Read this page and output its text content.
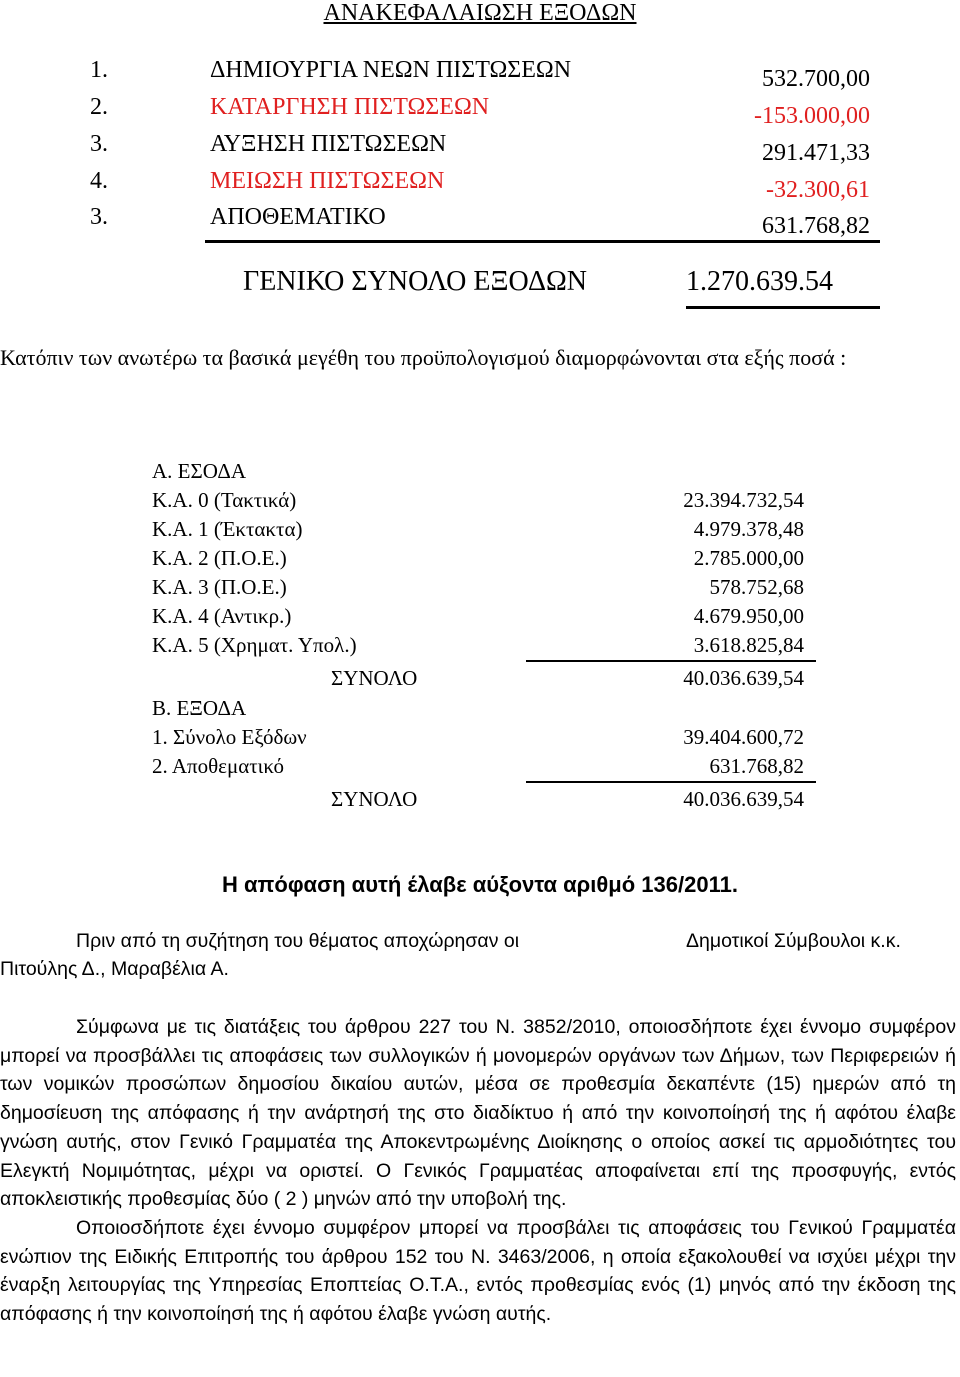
ΑΝΑΚΕΦΑΛΑΙΩΣΗ ΕΞΟΔΩΝ
1.	ΔΗΜΙΟΥΡΓΙΑ ΝΕΩΝ ΠΙΣΤΩΣΕΩΝ	532.700,00
2.	ΚΑΤΑΡΓΗΣΗ ΠΙΣΤΩΣΕΩΝ	-153.000,00
3.	ΑΥΞΗΣΗ ΠΙΣΤΩΣΕΩΝ	291.471,33
4.	ΜΕΙΩΣΗ ΠΙΣΤΩΣΕΩΝ	-32.300,61
3.	ΑΠΟΘΕΜΑΤΙΚΟ	631.768,82
ΓΕΝΙΚΟ ΣΥΝΟΛΟ ΕΞΟΔΩΝ	1.270.639.54
Κατόπιν των ανωτέρω τα βασικά μεγέθη του προϋπολογισμού διαμορφώνονται στα εξής ποσά :
Α. ΕΣΟΔΑ
Κ.Α. 0 (Τακτικά)	23.394.732,54
Κ.Α. 1 (Έκτακτα)	4.979.378,48
Κ.Α. 2 (Π.Ο.Ε.)	2.785.000,00
Κ.Α. 3 (Π.Ο.Ε.)	578.752,68
Κ.Α. 4 (Αντικρ.)	4.679.950,00
Κ.Α. 5 (Χρηματ. Υπολ.)	3.618.825,84
ΣΥΝΟΛΟ	40.036.639,54
Β. ΕΞΟΔΑ
1. Σύνολο Εξόδων	39.404.600,72
2. Αποθεματικό	631.768,82
ΣΥΝΟΛΟ	40.036.639,54
Η απόφαση αυτή έλαβε αύξοντα αριθμό 136/2011.
Πριν από τη συζήτηση του θέματος αποχώρησαν οι	Δημοτικοί Σύμβουλοι κ.κ.
Πιτούλης Δ., Μαραβέλια Α.

Σύμφωνα με τις διατάξεις του άρθρου 227 του Ν. 3852/2010, οποιοσδήποτε έχει έννομο συμφέρον μπορεί να προσβάλλει τις αποφάσεις των συλλογικών ή μονομερών οργάνων των Δήμων, των Περιφερειών ή των νομικών προσώπων δημοσίου δικαίου αυτών, μέσα σε προθεσμία δεκαπέντε (15) ημερών από τη δημοσίευση της απόφασης ή την ανάρτησή της στο διαδίκτυο ή από την κοινοποίησή της ή αφότου έλαβε γνώση αυτής, στον Γενικό Γραμματέα της Αποκεντρωμένης Διοίκησης ο οποίος ασκεί τις αρμοδιότητες του Ελεγκτή Νομιμότητας, μέχρι να οριστεί. Ο Γενικός Γραμματέας αποφαίνεται επί της προσφυγής, εντός αποκλειστικής προθεσμίας δύο ( 2 ) μηνών από την υποβολή της.

Οποιοσδήποτε έχει έννομο συμφέρον μπορεί να προσβάλει τις αποφάσεις του Γενικού Γραμματέα ενώπιον της Ειδικής Επιτροπής του άρθρου 152 του Ν. 3463/2006, η οποία εξακολουθεί να ισχύει μέχρι την έναρξη λειτουργίας της Υπηρεσίας Εποπτείας Ο.Τ.Α., εντός προθεσμίας ενός (1) μηνός από την έκδοση της απόφασης ή την κοινοποίησή της ή αφότου έλαβε γνώση αυτής.
